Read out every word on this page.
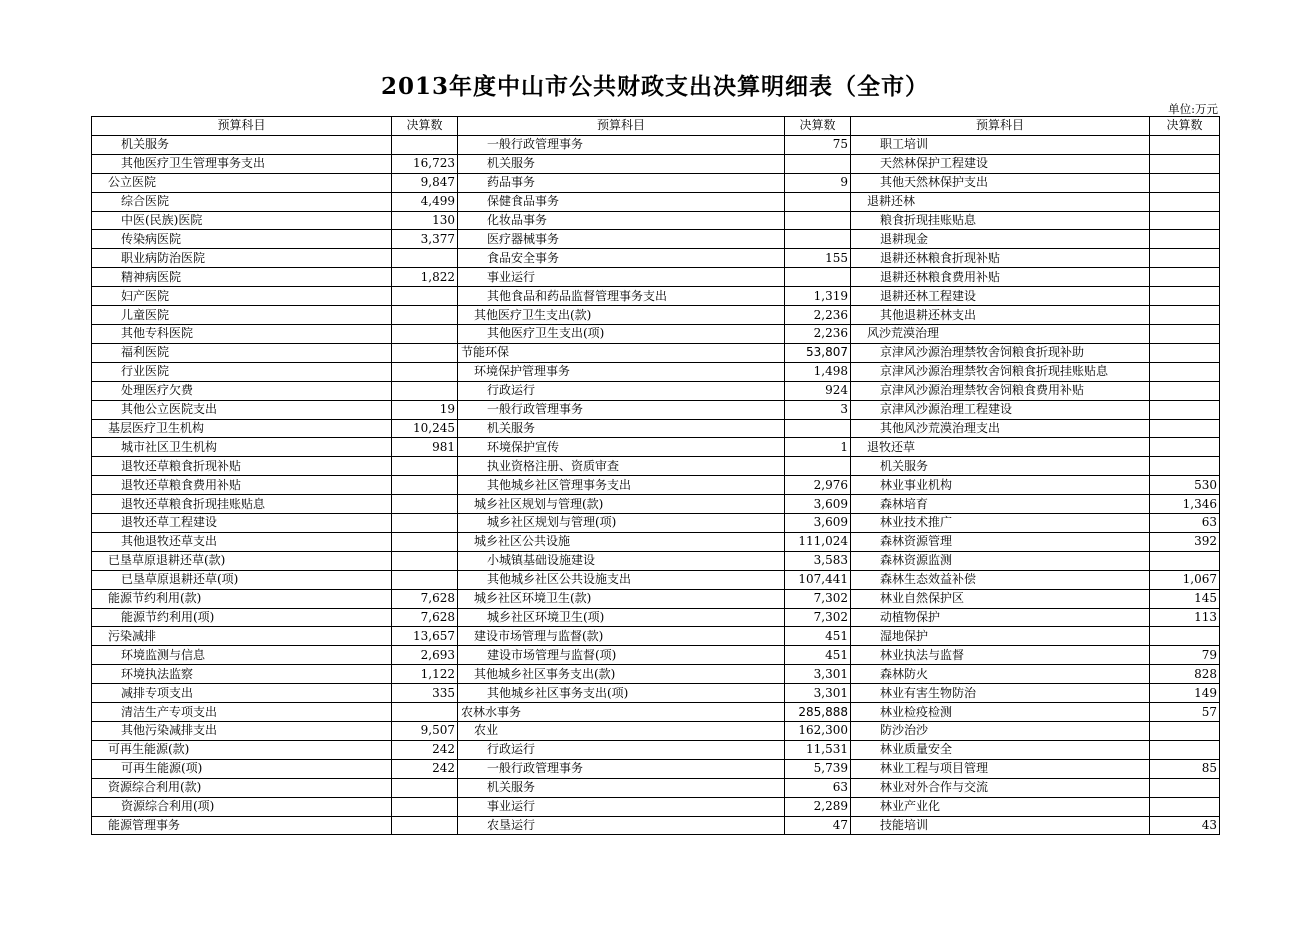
2013年度中山市公共财政支出决算明细表（全市）
单位:万元
预算科目	决算数	预算科目	决算数	预算科目	决算数
机关服务		一般行政管理事务	75	职工培训	
其他医疗卫生管理事务支出	16,723	机关服务		天然林保护工程建设	
公立医院	9,847	药品事务	9	其他天然林保护支出	
综合医院	4,499	保健食品事务		退耕还林	
中医(民族)医院	130	化妆品事务		粮食折现挂账贴息	
传染病医院	3,377	医疗器械事务		退耕现金	
职业病防治医院		食品安全事务	155	退耕还林粮食折现补贴	
精神病医院	1,822	事业运行		退耕还林粮食费用补贴	
妇产医院		其他食品和药品监督管理事务支出	1,319	退耕还林工程建设	
儿童医院		其他医疗卫生支出(款)	2,236	其他退耕还林支出	
其他专科医院		其他医疗卫生支出(项)	2,236	风沙荒漠治理	
福利医院		节能环保	53,807	京津风沙源治理禁牧舍饲粮食折现补助	
行业医院		环境保护管理事务	1,498	京津风沙源治理禁牧舍饲粮食折现挂账贴息	
处理医疗欠费		行政运行	924	京津风沙源治理禁牧舍饲粮食费用补贴	
其他公立医院支出	19	一般行政管理事务	3	京津风沙源治理工程建设	
基层医疗卫生机构	10,245	机关服务		其他风沙荒漠治理支出	
城市社区卫生机构	981	环境保护宣传	1	退牧还草	
退牧还草粮食折现补贴		执业资格注册、资质审查		机关服务	
退牧还草粮食费用补贴		其他城乡社区管理事务支出	2,976	林业事业机构	530
退牧还草粮食折现挂账贴息		城乡社区规划与管理(款)	3,609	森林培育	1,346
退牧还草工程建设		城乡社区规划与管理(项)	3,609	林业技术推广	63
其他退牧还草支出		城乡社区公共设施	111,024	森林资源管理	392
已垦草原退耕还草(款)		小城镇基础设施建设	3,583	森林资源监测	
已垦草原退耕还草(项)		其他城乡社区公共设施支出	107,441	森林生态效益补偿	1,067
能源节约利用(款)	7,628	城乡社区环境卫生(款)	7,302	林业自然保护区	145
能源节约利用(项)	7,628	城乡社区环境卫生(项)	7,302	动植物保护	113
污染减排	13,657	建设市场管理与监督(款)	451	湿地保护	
环境监测与信息	2,693	建设市场管理与监督(项)	451	林业执法与监督	79
环境执法监察	1,122	其他城乡社区事务支出(款)	3,301	森林防火	828
减排专项支出	335	其他城乡社区事务支出(项)	3,301	林业有害生物防治	149
清洁生产专项支出		农林水事务	285,888	林业检疫检测	57
其他污染减排支出	9,507	农业	162,300	防沙治沙	
可再生能源(款)	242	行政运行	11,531	林业质量安全	
可再生能源(项)	242	一般行政管理事务	5,739	林业工程与项目管理	85
资源综合利用(款)		机关服务	63	林业对外合作与交流	
资源综合利用(项)		事业运行	2,289	林业产业化	
能源管理事务		农垦运行	47	技能培训	43
